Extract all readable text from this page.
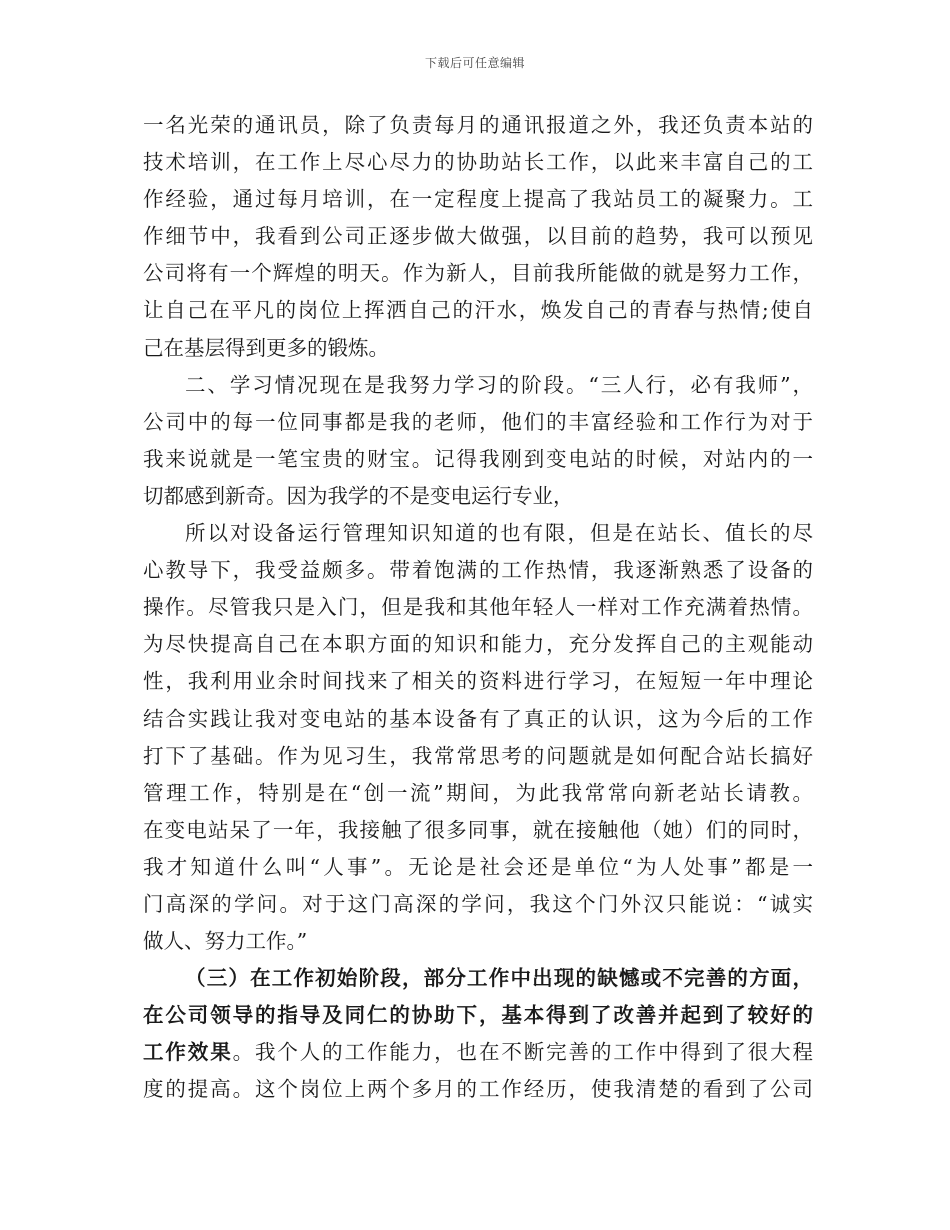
下载后可任意编辑
一名光荣的通讯员，除了负责每月的通讯报道之外，我还负责本站的
技术培训，在工作上尽心尽力的协助站长工作，以此来丰富自己的工
作经验，通过每月培训，在一定程度上提高了我站员工的凝聚力。工
作细节中，我看到公司正逐步做大做强，以目前的趋势，我可以预见
公司将有一个辉煌的明天。作为新人，目前我所能做的就是努力工作，
让自己在平凡的岗位上挥洒自己的汗水，焕发自己的青春与热情;使自
己在基层得到更多的锻炼。
二、学习情况现在是我努力学习的阶段。“三人行，必有我师”，
公司中的每一位同事都是我的老师，他们的丰富经验和工作行为对于
我来说就是一笔宝贵的财宝。记得我刚到变电站的时候，对站内的一
切都感到新奇。因为我学的不是变电运行专业，
所以对设备运行管理知识知道的也有限，但是在站长、值长的尽
心教导下，我受益颇多。带着饱满的工作热情，我逐渐熟悉了设备的
操作。尽管我只是入门，但是我和其他年轻人一样对工作充满着热情。
为尽快提高自己在本职方面的知识和能力，充分发挥自己的主观能动
性，我利用业余时间找来了相关的资料进行学习，在短短一年中理论
结合实践让我对变电站的基本设备有了真正的认识，这为今后的工作
打下了基础。作为见习生，我常常思考的问题就是如何配合站长搞好
管理工作，特别是在“创一流”期间，为此我常常向新老站长请教。
在变电站呆了一年，我接触了很多同事，就在接触他（她）们的同时，
我才知道什么叫“人事”。无论是社会还是单位“为人处事”都是一
门高深的学问。对于这门高深的学问，我这个门外汉只能说：“诚实
做人、努力工作。”
（三）在工作初始阶段，部分工作中出现的缺憾或不完善的方面，
在公司领导的指导及同仁的协助下，基本得到了改善并起到了较好的
工作效果。我个人的工作能力，也在不断完善的工作中得到了很大程
度的提高。这个岗位上两个多月的工作经历，使我清楚的看到了公司
